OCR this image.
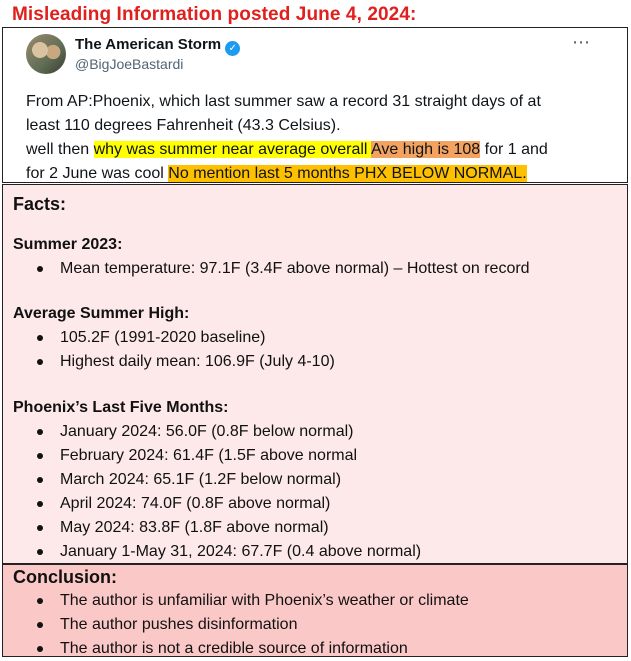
Misleading Information posted June 4, 2024:
The American Storm ✓
@BigJoeBastardi
⋯
From AP:Phoenix, which last summer saw a record 31 straight days of at
least 110 degrees Fahrenheit (43.3 Celsius).
well then why was summer near average overall Ave high is 108 for 1 and
for 2 June was cool No mention last 5 months PHX BELOW NORMAL.
Facts:
Summer 2023:
Mean temperature: 97.1F (3.4F above normal) – Hottest on record
Average Summer High:
105.2F (1991-2020 baseline)
Highest daily mean: 106.9F (July 4-10)
Phoenix’s Last Five Months:
January 2024: 56.0F (0.8F below normal)
February 2024: 61.4F (1.5F above normal
March 2024: 65.1F (1.2F below normal)
April 2024: 74.0F (0.8F above normal)
May 2024: 83.8F (1.8F above normal)
January 1-May 31, 2024: 67.7F (0.4 above normal)
Conclusion:
The author is unfamiliar with Phoenix’s weather or climate
The author pushes disinformation
The author is not a credible source of information
